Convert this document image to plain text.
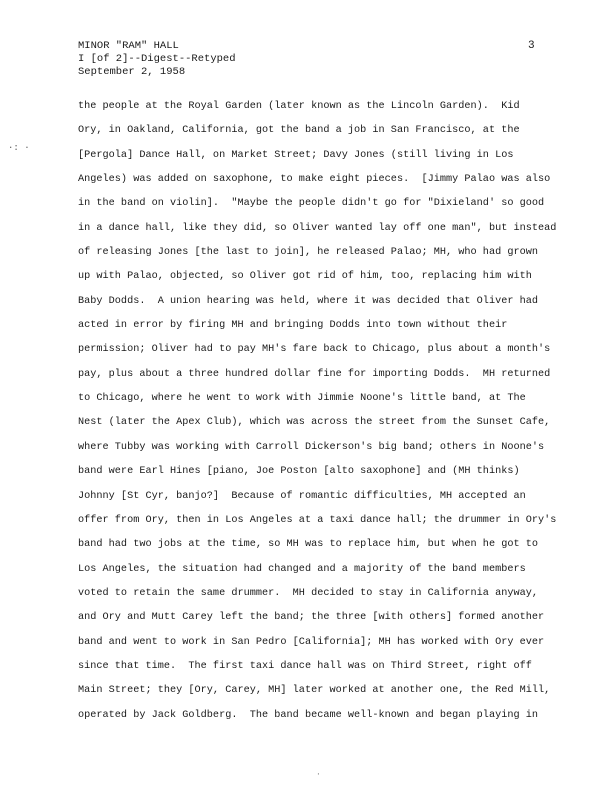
MINOR "RAM" HALL
I [of 2]--Digest--Retyped
September 2, 1958
3
·: ·
the people at the Royal Garden (later known as the Lincoln Garden).  Kid
Ory, in Oakland, California, got the band a job in San Francisco, at the
[Pergola] Dance Hall, on Market Street; Davy Jones (still living in Los
Angeles) was added on saxophone, to make eight pieces.  [Jimmy Palao was also
in the band on violin].  "Maybe the people didn't go for "Dixieland' so good
in a dance hall, like they did, so Oliver wanted lay off one man", but instead
of releasing Jones [the last to join], he released Palao; MH, who had grown
up with Palao, objected, so Oliver got rid of him, too, replacing him with
Baby Dodds.  A union hearing was held, where it was decided that Oliver had
acted in error by firing MH and bringing Dodds into town without their
permission; Oliver had to pay MH's fare back to Chicago, plus about a month's
pay, plus about a three hundred dollar fine for importing Dodds.  MH returned
to Chicago, where he went to work with Jimmie Noone's little band, at The
Nest (later the Apex Club), which was across the street from the Sunset Cafe,
where Tubby was working with Carroll Dickerson's big band; others in Noone's
band were Earl Hines [piano, Joe Poston [alto saxophone] and (MH thinks)
Johnny [St Cyr, banjo?]  Because of romantic difficulties, MH accepted an
offer from Ory, then in Los Angeles at a taxi dance hall; the drummer in Ory's
band had two jobs at the time, so MH was to replace him, but when he got to
Los Angeles, the situation had changed and a majority of the band members
voted to retain the same drummer.  MH decided to stay in California anyway,
and Ory and Mutt Carey left the band; the three [with others] formed another
band and went to work in San Pedro [California]; MH has worked with Ory ever
since that time.  The first taxi dance hall was on Third Street, right off
Main Street; they [Ory, Carey, MH] later worked at another one, the Red Mill,
operated by Jack Goldberg.  The band became well-known and began playing in
·
